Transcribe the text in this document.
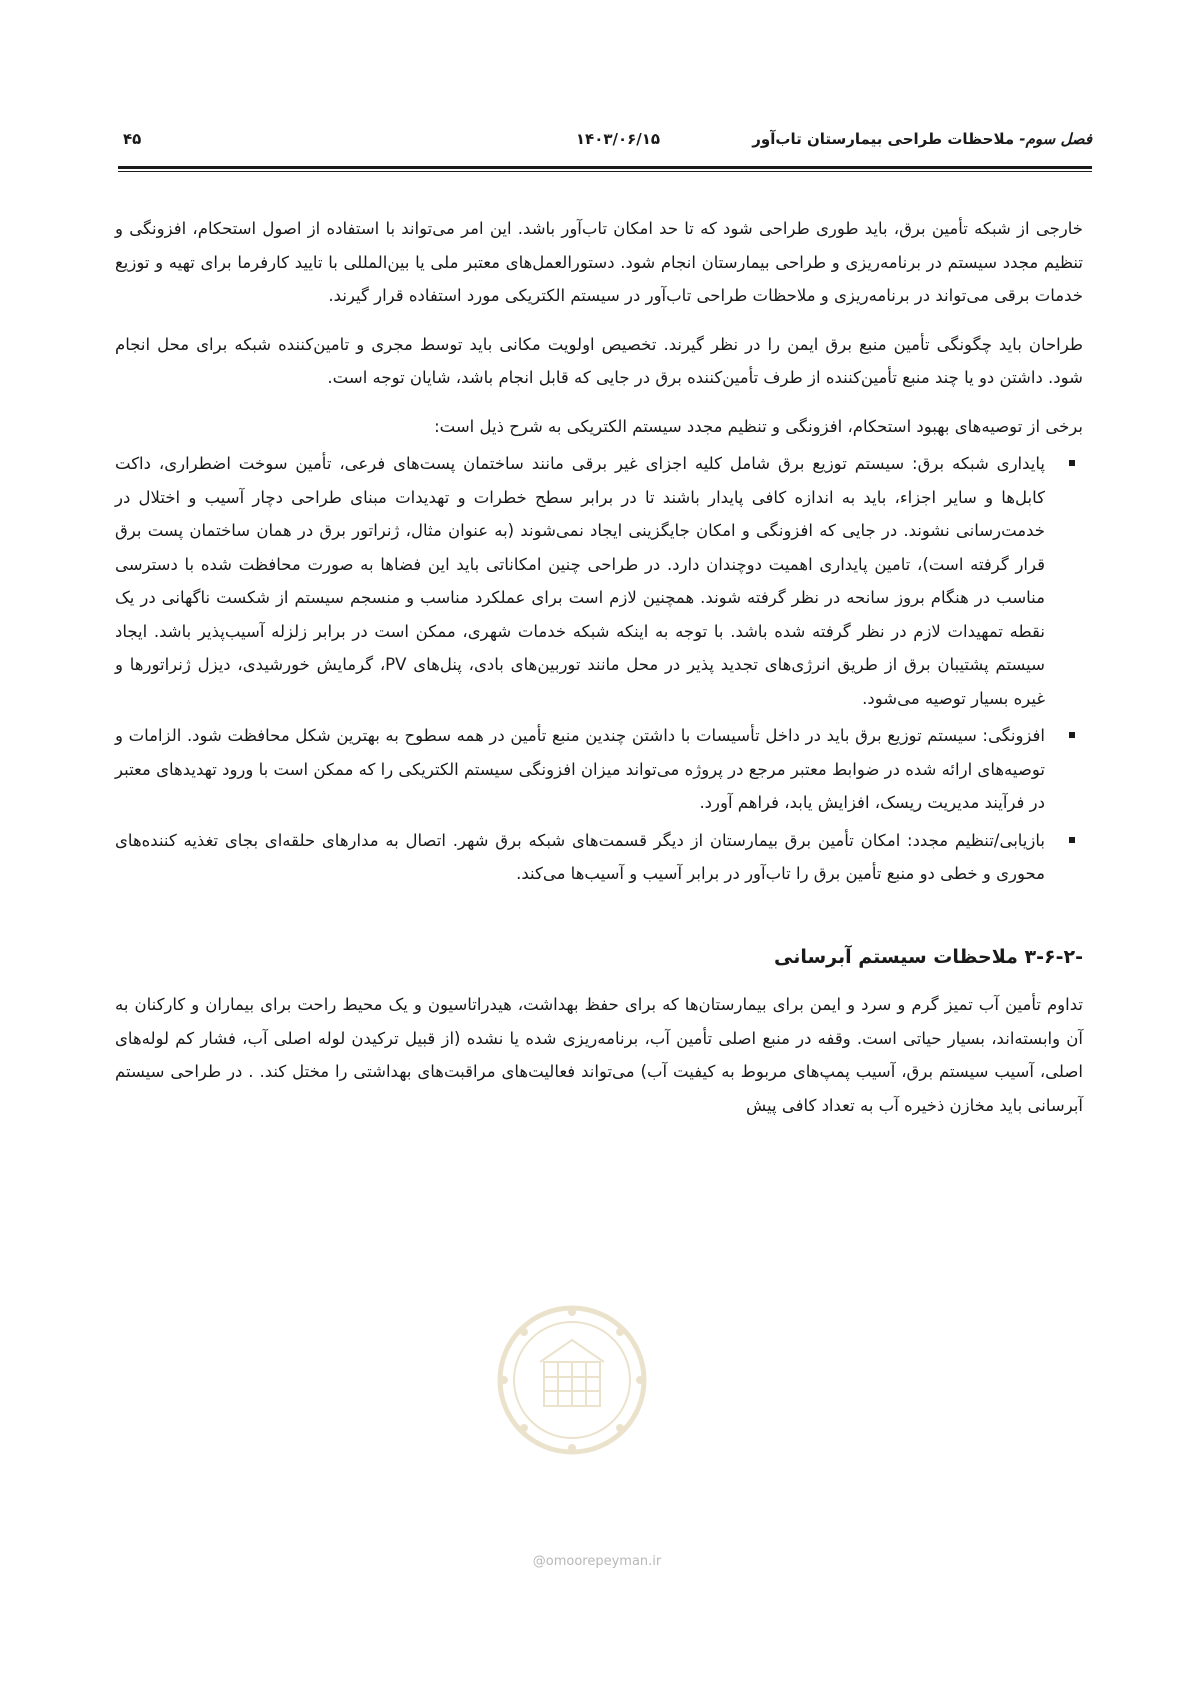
فصل سوم- ملاحظات طراحی بیمارستان تاب‌آور
۱۴۰۳/۰۶/۱۵
۴۵

خارجی از شبکه تأمین برق، باید طوری طراحی شود که تا حد امکان تاب‌آور باشد. این امر می‌تواند با استفاده از اصول استحکام، افزونگی و تنظیم مجدد سیستم در برنامه‌ریزی و طراحی بیمارستان انجام شود. دستورالعمل‌های معتبر ملی یا بین‌المللی با تایید کارفرما برای تهیه و توزیع خدمات برقی می‌تواند در برنامه‌ریزی و ملاحظات طراحی تاب‌آور در سیستم الکتریکی مورد استفاده قرار گیرند.

طراحان باید چگونگی تأمین منبع برق ایمن را در نظر گیرند. تخصیص اولویت مکانی باید توسط مجری و تامین‌کننده شبکه برای محل انجام شود. داشتن دو یا چند منبع تأمین‌کننده از طرف تأمین‌کننده برق در جایی که قابل انجام باشد، شایان توجه است.

برخی از توصیه‌های بهبود استحکام، افزونگی و تنظیم مجدد سیستم الکتریکی به شرح ذیل است:

پایداری شبکه برق: سیستم توزیع برق شامل کلیه اجزای غیر برقی مانند ساختمان پست‌های فرعی، تأمین سوخت اضطراری، داکت کابل‌ها و سایر اجزاء، باید به اندازه کافی پایدار باشند تا در برابر سطح خطرات و تهدیدات مبنای طراحی دچار آسیب و اختلال در خدمت‌رسانی نشوند. در جایی که افزونگی و امکان جایگزینی ایجاد نمی‌شوند (به عنوان مثال، ژنراتور برق در همان ساختمان پست برق قرار گرفته است)، تامین پایداری اهمیت دوچندان دارد. در طراحی چنین امکاناتی باید این فضاها به صورت محافظت شده با دسترسی مناسب در هنگام بروز سانحه در نظر گرفته شوند. همچنین لازم است برای عملکرد مناسب و منسجم سیستم از شکست ناگهانی در یک نقطه تمهیدات لازم در نظر گرفته شده باشد. با توجه به اینکه شبکه خدمات شهری، ممکن است در برابر زلزله آسیب‌پذیر باشد. ایجاد سیستم پشتیبان برق از طریق انرژی‌های تجدید پذیر در محل مانند توربین‌های بادی، پنل‌های PV، گرمایش خورشیدی، دیزل ژنراتورها و غیره بسیار توصیه می‌شود.
افزونگی: سیستم توزیع برق باید در داخل تأسیسات با داشتن چندین منبع تأمین در همه سطوح به بهترین شکل محافظت شود. الزامات و توصیه‌های ارائه شده در ضوابط معتبر مرجع در پروژه می‌تواند میزان افزونگی سیستم الکتریکی را که ممکن است با ورود تهدیدهای معتبر در فرآیند مدیریت ریسک، افزایش یابد، فراهم آورد.
بازیابی/تنظیم مجدد: امکان تأمین برق بیمارستان از دیگر قسمت‌های شبکه برق شهر. اتصال به مدارهای حلقه‌ای بجای تغذیه کننده‌های محوری و خطی دو منبع تأمین برق را تاب‌آور در برابر آسیب و آسیب‌ها می‌کند.
۳-۶-۲- ملاحظات سیستم آبرسانی

تداوم تأمین آب تمیز گرم و سرد و ایمن برای بیمارستان‌ها که برای حفظ بهداشت، هیدراتاسیون و یک محیط راحت برای بیماران و کارکنان به آن وابسته‌اند، بسیار حیاتی است. وقفه در منبع اصلی تأمین آب، برنامه‌ریزی شده یا نشده (از قبیل ترکیدن لوله اصلی آب، فشار کم لوله‌های اصلی، آسیب سیستم برق، آسیب پمپ‌های مربوط به کیفیت آب) می‌تواند فعالیت‌های مراقبت‌های بهداشتی را مختل کند. . در طراحی سیستم آبرسانی باید مخازن ذخیره آب به تعداد کافی پیش

@omoorepeyman.ir
